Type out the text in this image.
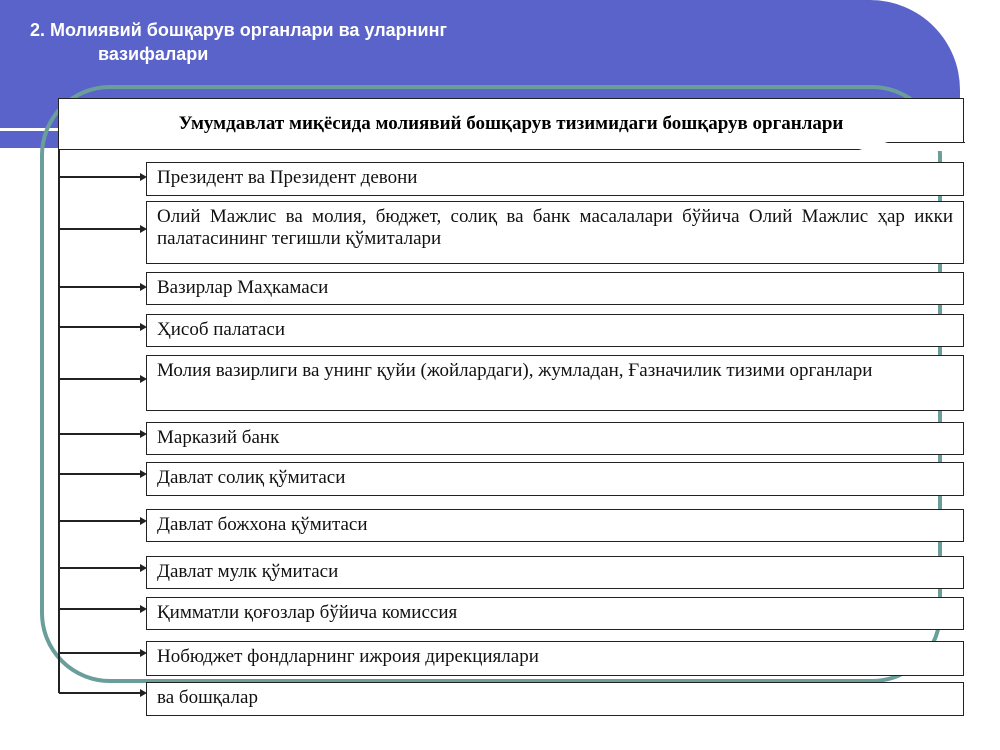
2. Молиявий бошқарув органлари ва уларнинг
вазифалари
Умумдавлат миқёсида молиявий бошқарув тизимидаги бошқарув органлари
Президент ва Президент девони
Олий Мажлис ва молия, бюджет, солиқ ва банк масалалари бўйича Олий Мажлис ҳар икки палатасининг тегишли қўмиталари
Вазирлар Маҳкамаси
Ҳисоб палатаси
Молия вазирлиги ва унинг қуйи (жойлардаги), жумладан, Ғазначилик тизими органлари
Марказий банк
Давлат солиқ қўмитаси
Давлат божхона қўмитаси
Давлат мулк қўмитаси
Қимматли қоғозлар бўйича комиссия
Нобюджет фондларнинг ижроия дирекциялари
ва бошқалар
